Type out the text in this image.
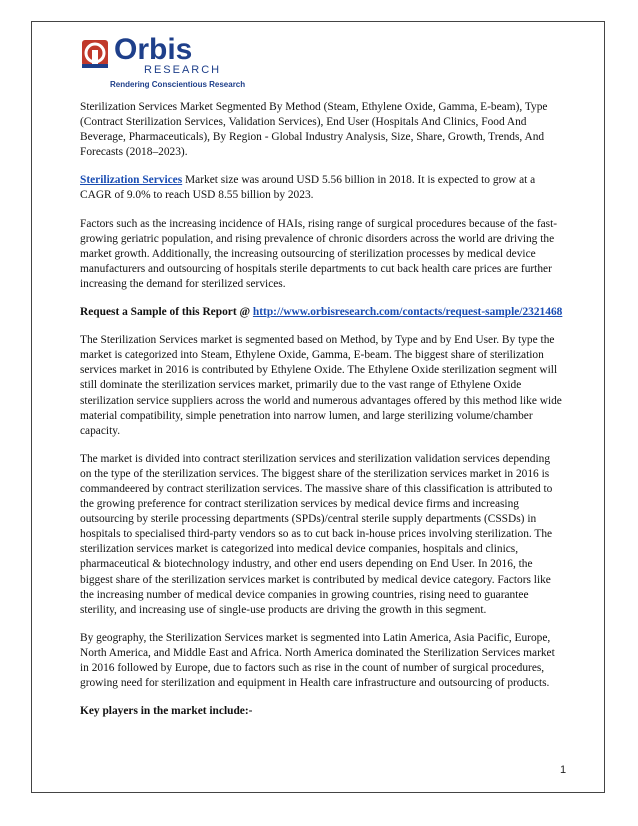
Orbis
RESEARCH
Rendering Conscientious Research

Sterilization Services Market Segmented By Method (Steam, Ethylene Oxide, Gamma, E-beam), Type (Contract Sterilization Services, Validation Services), End User (Hospitals And Clinics, Food And Beverage, Pharmaceuticals), By Region - Global Industry Analysis, Size, Share, Growth, Trends, And Forecasts (2018–2023).

Sterilization Services Market size was around USD 5.56 billion in 2018. It is expected to grow at a CAGR of 9.0% to reach USD 8.55 billion by 2023.

Factors such as the increasing incidence of HAIs, rising range of surgical procedures because of the fast-growing geriatric population, and rising prevalence of chronic disorders across the world are driving the market growth. Additionally, the increasing outsourcing of sterilization processes by medical device manufacturers and outsourcing of hospitals sterile departments to cut back health care prices are further increasing the demand for sterilized services.

Request a Sample of this Report @ http://www.orbisresearch.com/contacts/request-sample/2321468

The Sterilization Services market is segmented based on Method, by Type and by End User. By type the market is categorized into Steam, Ethylene Oxide, Gamma, E-beam. The biggest share of sterilization services market in 2016 is contributed by Ethylene Oxide. The Ethylene Oxide sterilization segment will still dominate the sterilization services market, primarily due to the vast range of Ethylene Oxide sterilization service suppliers across the world and numerous advantages offered by this method like wide material compatibility, simple penetration into narrow lumen, and large sterilizing volume/chamber capacity.

The market is divided into contract sterilization services and sterilization validation services depending on the type of the sterilization services. The biggest share of the sterilization services market in 2016 is commandeered by contract sterilization services. The massive share of this classification is attributed to the growing preference for contract sterilization services by medical device firms and increasing outsourcing by sterile processing departments (SPDs)/central sterile supply departments (CSSDs) in hospitals to specialised third-party vendors so as to cut back in-house prices involving sterilization. The sterilization services market is categorized into medical device companies, hospitals and clinics, pharmaceutical & biotechnology industry, and other end users depending on End User. In 2016, the biggest share of the sterilization services market is contributed by medical device category. Factors like the increasing number of medical device companies in growing countries, rising need to guarantee sterility, and increasing use of single-use products are driving the growth in this segment.

By geography, the Sterilization Services market is segmented into Latin America, Asia Pacific, Europe, North America, and Middle East and Africa. North America dominated the Sterilization Services market in 2016 followed by Europe, due to factors such as rise in the count of number of surgical procedures, growing need for sterilization and equipment in Health care infrastructure and outsourcing of products.

Key players in the market include:-

1
